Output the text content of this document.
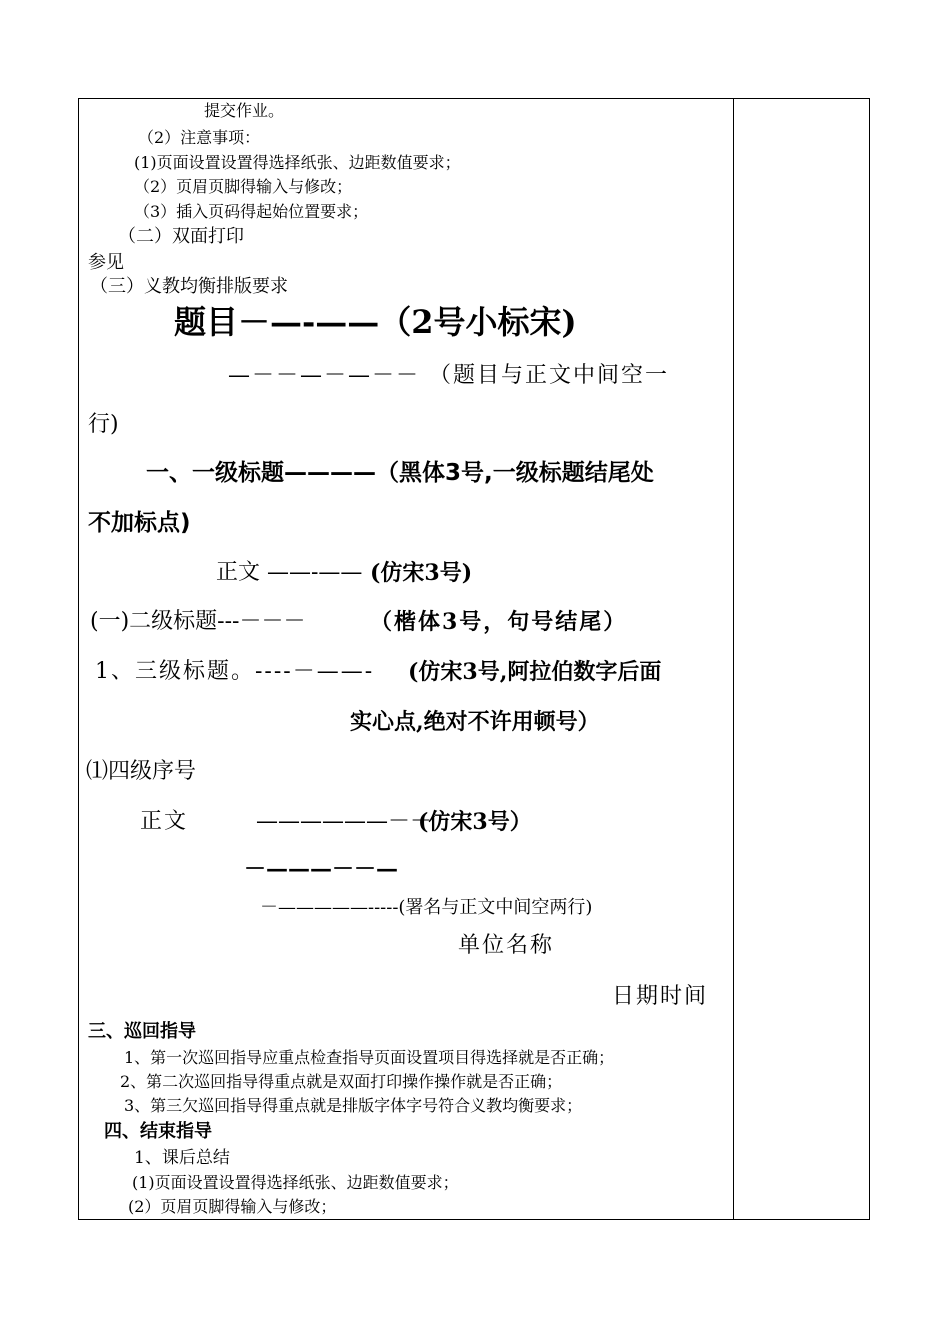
提交作业。
（2）注意事项：
(1)页面设置设置得选择纸张、边距数值要求；
（2）页眉页脚得输入与修改；
（3）插入页码得起始位置要求；
（二）双面打印
参见
（三）义教均衡排版要求
题目－—-——（2号小标宋)
—－－—－—－－ （题目与正文中间空一
行)
一、一级标题————（黑体3号,一级标题结尾处
不加标点)
正文 ——-—— (仿宋3号)
(一)二级标题---－－－	（楷体3号，句号结尾）
1、三级标题。----－——- (仿宋3号,阿拉伯数字后面
实心点,绝对不许用顿号）
⑴四级序号
正文	——————－－
(仿宋3号）
－———－－—
－—————-----(署名与正文中间空两行)
单位名称
日期时间
三、巡回指导
1、第一次巡回指导应重点检查指导页面设置项目得选择就是否正确；
2、第二次巡回指导得重点就是双面打印操作操作就是否正确；
3、第三欠巡回指导得重点就是排版字体字号符合义教均衡要求；
四、结束指导
1、课后总结
(1)页面设置设置得选择纸张、边距数值要求；
(2）页眉页脚得输入与修改；
